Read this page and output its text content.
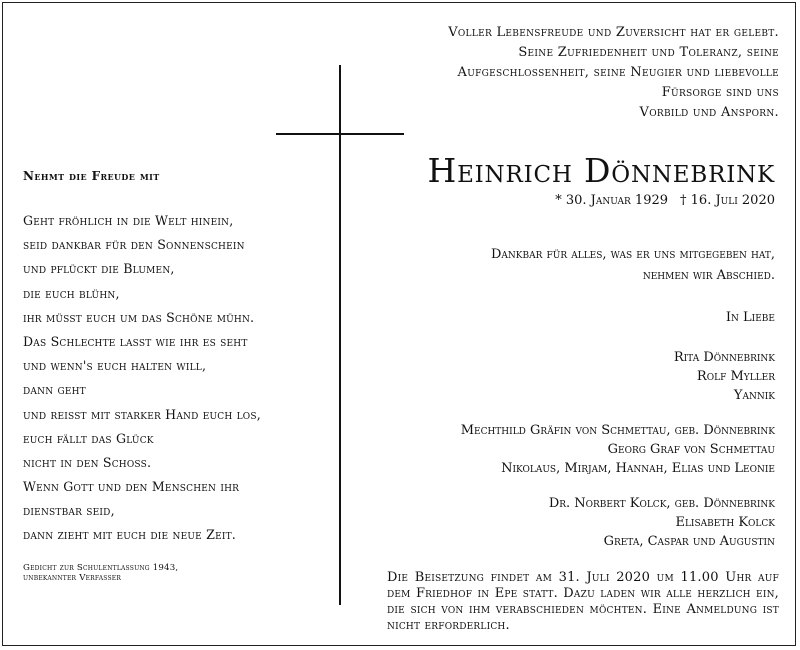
Voller Lebensfreude und Zuversicht hat er gelebt.
Seine Zufriedenheit und Toleranz, seine
Aufgeschlossenheit, seine Neugier und liebevolle
Fürsorge sind uns
Vorbild und Ansporn.
Nehmt die Freude mit
Geht fröhlich in die Welt hinein,
seid dankbar für den Sonnenschein
und pflückt die Blumen,
die euch blühn,
ihr müsst euch um das Schöne mühn.
Das Schlechte lasst wie ihr es seht
und wenn's euch halten will,
dann geht
und reisst mit starker Hand euch los,
euch fällt das Glück
nicht in den Schoss.
Wenn Gott und den Menschen ihr
dienstbar seid,
dann zieht mit euch die neue Zeit.
Gedicht zur Schulentlassung 1943,
unbekannter Verfasser
Heinrich Dönnebrink
* 30. Januar 1929 † 16. Juli 2020
Dankbar für alles, was er uns mitgegeben hat,
nehmen wir Abschied.
In Liebe
Rita Dönnebrink
Rolf Myller
Yannik
Mechthild Gräfin von Schmettau, geb. Dönnebrink
Georg Graf von Schmettau
Nikolaus, Mirjam, Hannah, Elias und Leonie
Dr. Norbert Kolck, geb. Dönnebrink
Elisabeth Kolck
Greta, Caspar und Augustin
Die Beisetzung findet am 31. Juli 2020 um 11.00 Uhr auf dem Friedhof in Epe statt. Dazu laden wir alle herzlich ein, die sich von ihm verabschieden möchten. Eine Anmeldung ist nicht erforderlich.
